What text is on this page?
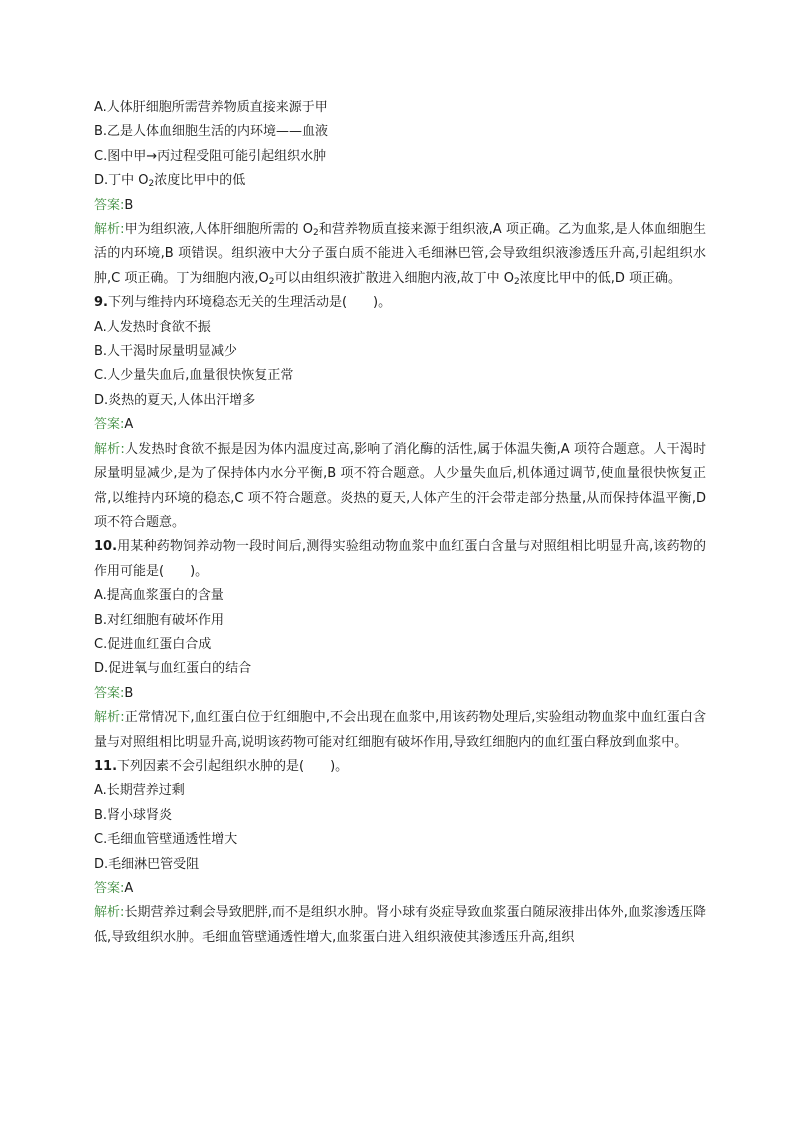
A.人体肝细胞所需营养物质直接来源于甲
B.乙是人体血细胞生活的内环境——血液
C.图中甲→丙过程受阻可能引起组织水肿
D.丁中 $O_2$浓度比甲中的低
答案:B
解析:甲为组织液,人体肝细胞所需的 $O_2$和营养物质直接来源于组织液,A 项正确。乙为血浆,是人体血细胞生活的内环境,B 项错误。组织液中大分子蛋白质不能进入毛细淋巴管,会导致组织液渗透压升高,引起组织水肿,C 项正确。丁为细胞内液$,O_2$可以由组织液扩散进入细胞内液,故丁中 $O_2$浓度比甲中的低,D 项正确。
9.下列与维持内环境稳态无关的生理活动是(　　)。
A.人发热时食欲不振
B.人干渴时尿量明显减少
C.人少量失血后,血量很快恢复正常
D.炎热的夏天,人体出汗增多
答案:A
解析:人发热时食欲不振是因为体内温度过高,影响了消化酶的活性,属于体温失衡,A 项符合题意。人干渴时尿量明显减少,是为了保持体内水分平衡,B 项不符合题意。人少量失血后,机体通过调节,使血量很快恢复正常,以维持内环境的稳态,C 项不符合题意。炎热的夏天,人体产生的汗会带走部分热量,从而保持体温平衡,D 项不符合题意。
10.用某种药物饲养动物一段时间后,测得实验组动物血浆中血红蛋白含量与对照组相比明显升高,该药物的作用可能是(　　)。
A.提高血浆蛋白的含量
B.对红细胞有破坏作用
C.促进血红蛋白合成
D.促进氧与血红蛋白的结合
答案:B
解析:正常情况下,血红蛋白位于红细胞中,不会出现在血浆中,用该药物处理后,实验组动物血浆中血红蛋白含量与对照组相比明显升高,说明该药物可能对红细胞有破坏作用,导致红细胞内的血红蛋白释放到血浆中。
11.下列因素不会引起组织水肿的是(　　)。
A.长期营养过剩
B.肾小球肾炎
C.毛细血管壁通透性增大
D.毛细淋巴管受阻
答案:A
解析:长期营养过剩会导致肥胖,而不是组织水肿。肾小球有炎症导致血浆蛋白随尿液排出体外,血浆渗透压降低,导致组织水肿。毛细血管壁通透性增大,血浆蛋白进入组织液使其渗透压升高,组织
